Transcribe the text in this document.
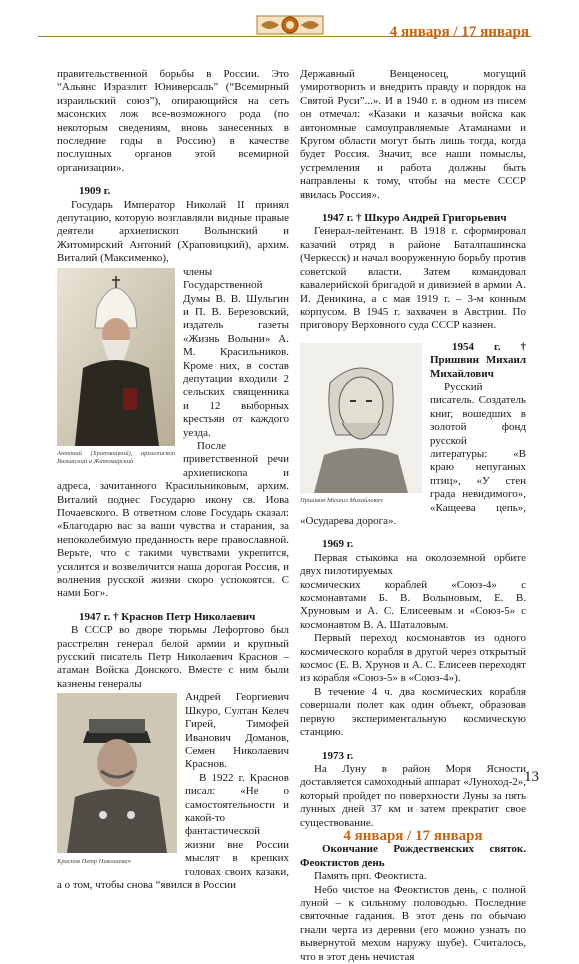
4 января / 17 января

правительственной борьбы в России. Это “Альянс Израэлит Юниверсаль” (“Всемирный израильский союз”), опирающийся на сеть масонских лож все-возможного рода (по некоторым сведениям, вновь занесенных в последние годы в Россию) в качестве послушных органов этой всемирной организации».

1909 г.

Государь Император Николай II принял депутацию, которую возглавляли видные правые деятели архиепископ Волынский и Житомирский Антоний (Храповицкий), архим. Виталий (Максименко),

Антоний (Храповицкий), архиепископ Волынский и Житомирский

члены Государственной Думы В. В. Шульгин и П. В. Березовский, издатель газеты «Жизнь Волыни» А. М. Красильников. Кроме них, в состав депутации входили 2 сельских священника и 12 выборных крестьян от каждого уезда.

После приветственной речи архиепископа и адреса, зачитанного Красильниковым, архим. Виталий поднес Государю икону св. Иова Почаевского. В ответном слове Государь сказал: «Благодарю вас за ваши чувства и старания, за непоколебимую преданность вере православной. Верьте, что с такими чувствами укрепится, усилится и возвеличится наша дорогая Россия, и волнения русской жизни скоро успокоятся. С нами Бог».

1947 г. † Краснов Петр Николаевич

В СССР во дворе тюрьмы Лефортово был расстрелян генерал белой армии и крупный русский писатель Петр Николаевич Краснов – атаман Войска Донского. Вместе с ним были казнены генералы

Краснов Петр Николаевич

Андрей Георгиевич Шкуро, Султан Келеч Гирей, Тимофей Иванович Доманов, Семен Николаевич Краснов.

В 1922 г. Краснов писал: «Не о самостоятельности и какой-то фантастической жизни вне России мыслят в крепких головах своих казаки, а о том, чтобы снова “явился в России

Державный Венценосец, могущий умиротворить и внедрить правду и порядок на Святой Руси”...». И в 1940 г. в одном из писем он отмечал: «Казаки и казачьи войска как автономные самоуправляемые Атаманами и Кругом области могут быть лишь тогда, когда будет Россия. Значит, все наши помыслы, устремления и работа должны быть направлены к тому, чтобы на месте СССР явилась Россия».

1947 г. † Шкуро Андрей Григорьевич

Генерал-лейтенант. В 1918 г. сформировал казачий отряд в районе Баталпашинска (Черкесск) и начал вооруженную борьбу против советской власти. Затем командовал кавалерийской бригадой и дивизией в армии А. И. Деникина, а с мая 1919 г. – 3-м конным корпусом. В 1945 г. захвачен в Австрии. По приговору Верховного суда СССР казнен.

Пришвин Михаил Михайлович

1954 г. † Пришвин Михаил Михайлович

Русский писатель. Создатель книг, вошедших в золотой фонд русской литературы: «В краю непуганых птиц», «У стен града невидимого», «Кащеева цепь», «Осударева дорога».

1969 г.

Первая стыковка на околоземной орбите двух пилотируемых

космических кораблей «Союз-4» с космонавтами Б. В. Волыновым, Е. В. Хруновым и А. С. Елисеевым и «Союз-5» с космонавтом В. А. Шаталовым.

Первый переход космонавтов из одного космического корабля в другой через открытый космос (Е. В. Хрунов и А. С. Елисеев переходят из корабля «Союз-5» в «Союз-4»).

В течение 4 ч. два космических корабля совершали полет как один объект, образовав первую экспериментальную космическую станцию.

1973 г.

На Луну в район Моря Ясности доставляется самоходный аппарат «Луноход-2», который пройдет по поверхности Луны за пять лунных дней 37 км и затем прекратит свое существование.

4 января / 17 января

Окончание Рождественских святок. Феоктистов день

Память прп. Феоктиста.

Небо чистое на Феоктистов день, с полной луной – к сильному половодью. Последние святочные гадания. В этот день по обычаю гнали черта из деревни (его можно узнать по вывернутой мехом наружу шубе). Считалось, что в этот день нечистая

13
